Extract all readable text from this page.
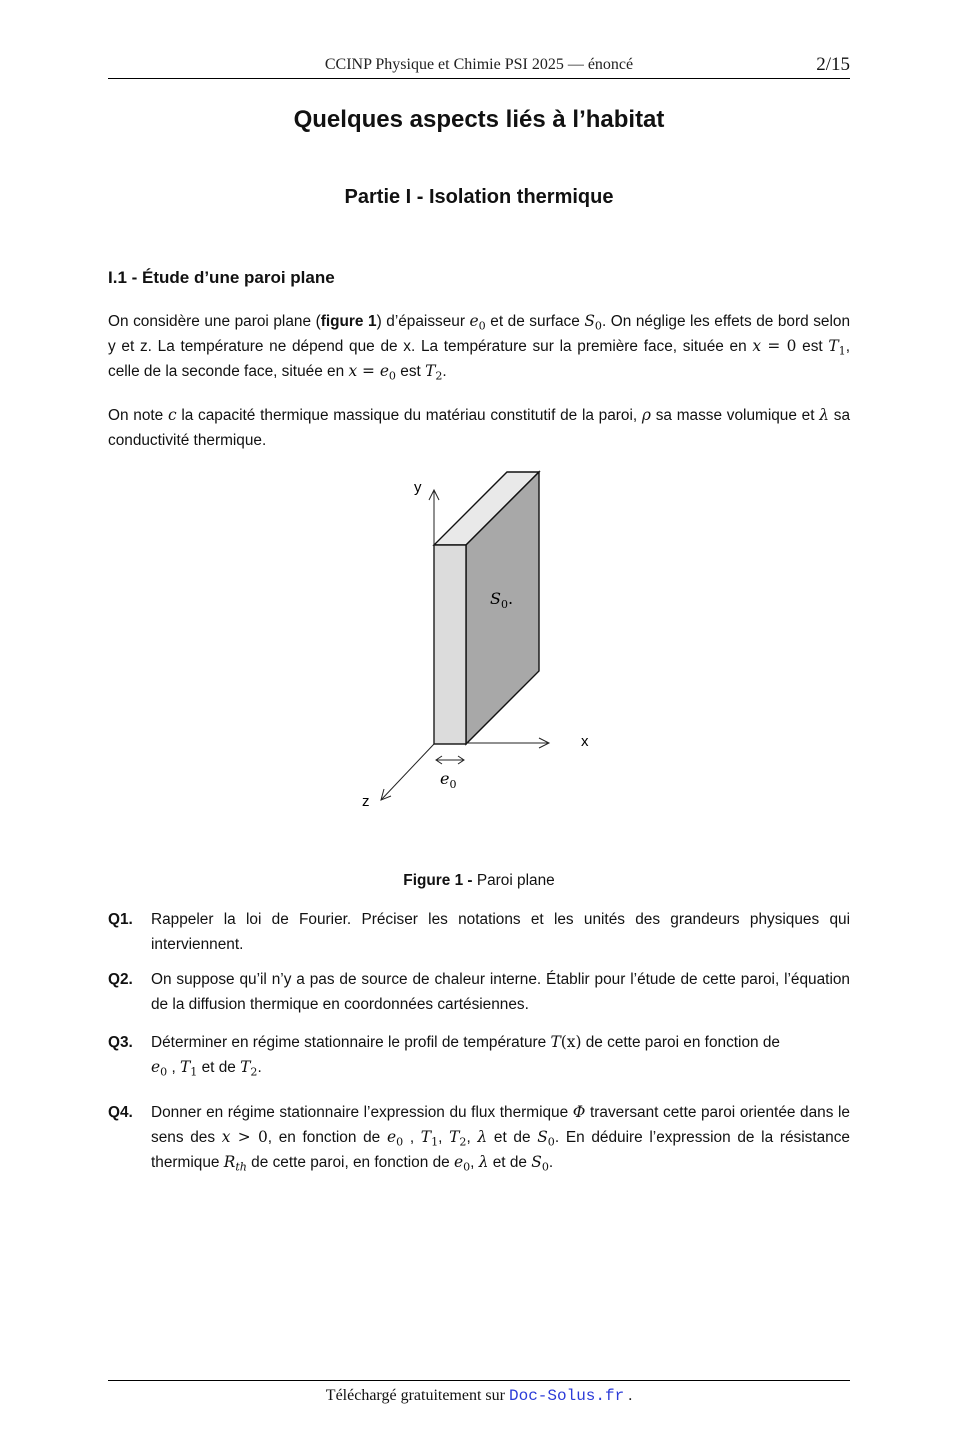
CCINP Physique et Chimie PSI 2025 — énoncé	2/15
Quelques aspects liés à l’habitat
Partie I - Isolation thermique
I.1 - Étude d’une paroi plane
On considère une paroi plane (figure 1) d’épaisseur $e_0$ et de surface $S_0$. On néglige les effets de bord selon y et z. La température ne dépend que de x. La température sur la première face, située en x = 0 est $T_1$, celle de la seconde face, située en $x = e_0$ est $T_2$.
On note c la capacité thermique massique du matériau constitutif de la paroi, ρ sa masse volumique et λ sa conductivité thermique.
y
x
z
$e_0$
$S_0$.
Figure 1 - Paroi plane
Q1. Rappeler la loi de Fourier. Préciser les notations et les unités des grandeurs physiques qui interviennent.
Q2. On suppose qu’il n’y a pas de source de chaleur interne. Établir pour l’étude de cette paroi, l’équation de la diffusion thermique en coordonnées cartésiennes.
Q3. Déterminer en régime stationnaire le profil de température T(x) de cette paroi en fonction de
$e_0$ , $T_1$ et de $T_2$.
Q4. Donner en régime stationnaire l’expression du flux thermique Φ traversant cette paroi orientée dans le sens des x > 0, en fonction de $e_0$ , $T_1$, $T_2$, λ et de $S_0$. En déduire l’expression de la résistance thermique $R_{th}$ de cette paroi, en fonction de $e_0$, λ et de $S_0$.
Téléchargé gratuitement sur Doc-Solus.fr .
